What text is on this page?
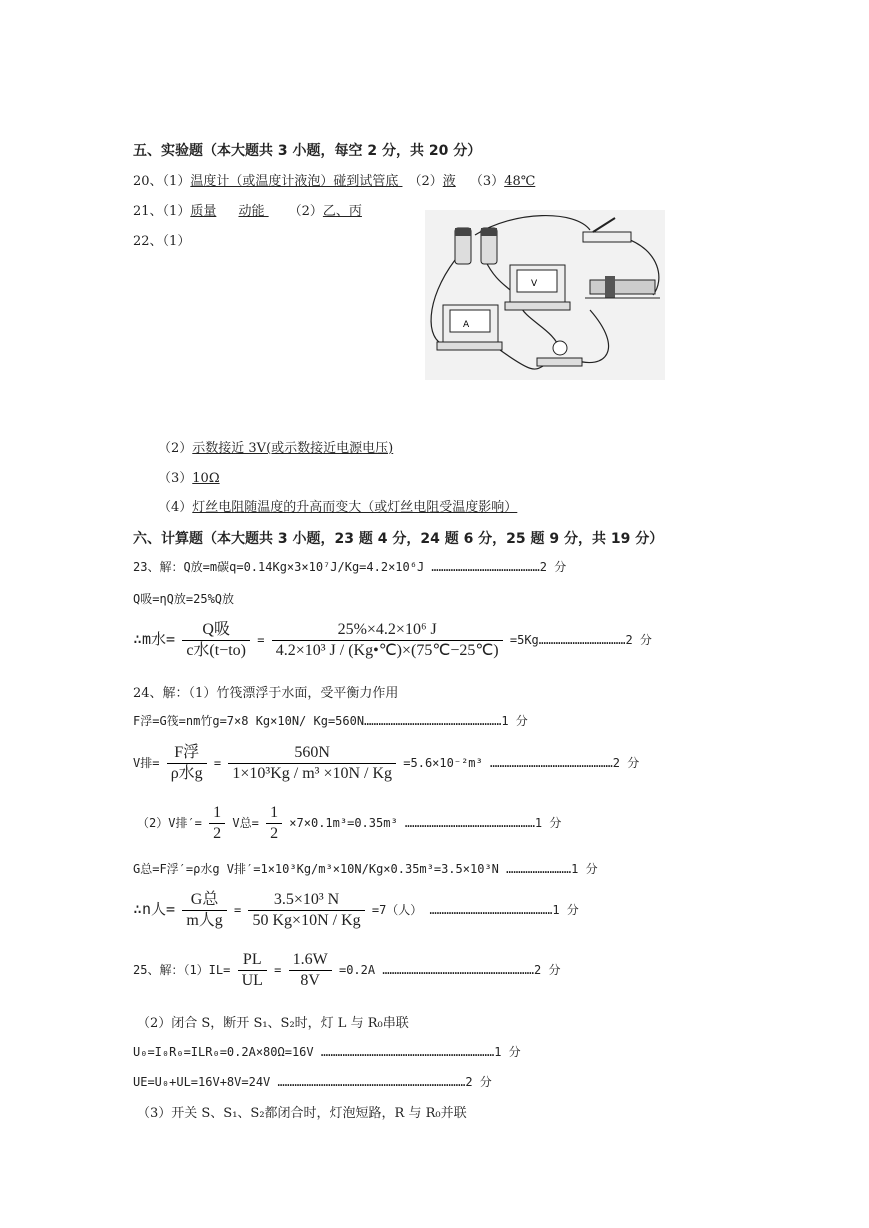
五、实验题（本大题共 3 小题，每空 2 分，共 20 分）
20、（1）温度计（或温度计液泡）碰到试管底 （2）液 （3）48℃
21、（1）质量 动能 （2）乙、丙
22、（1）
V
A
（2）示数接近 3V(或示数接近电源电压)
（3）10Ω
（4）灯丝电阻随温度的升高而变大（或灯丝电阻受温度影响）
六、计算题（本大题共 3 小题，23 题 4 分，24 题 6 分，25 题 9 分，共 19 分）
23、解：Q放=m碳q=0.14Kg×3×10⁷J/Kg=4.2×10⁶J ………………………………………2 分
Q吸=ηQ放=25%Q放
∴m水= $\frac{\text{Q吸}}{\text{c水(t−to)}} = \frac{\text{25\%×4.2×10⁶ J}}{\text{4.2×10³ J / (Kg•℃)×(75℃−25℃)}}$ =5Kg………………………………2 分
24、解：（1）竹筏漂浮于水面，受平衡力作用
F浮=G筏=nm竹g=7×8 Kg×10N/ Kg=560N…………………………………………………1 分
V排= $\frac{\text{F浮}}{\text{ρ水g}} = \frac{560N}{\text{1×10³Kg / m³ ×10N / Kg}} =5.6\times 10^{-2}m^3$ ……………………………………………2 分
（2）V排′= $\frac{1}{2}$ V总= $\frac{1}{2} \times 7\times 0.1m^3=0.35m^3$ ………………………………………………1 分
G总=F浮′=ρ水g V排′=1×10³Kg/m³×10N/Kg×0.35m³=3.5×10³N ………………………1 分
∴n人= $\frac{\text{G总}}{\text{m人g}} = \frac{\text{3.5×10³ N}}{50 Kg\times 10N / Kg} =7$（人） ……………………………………………1 分
25、解：$(1)IL= \frac{PL}{UL} = \frac{1.6W}{8V} =0.2A$ ………………………………………………………2 分
（2）闭合 S，断开 S₁、S₂时，灯 L 与 R₀串联
U₀=I₀R₀=ILR₀=0.2A×80Ω=16V ………………………………………………………………1 分
UE=U₀+UL=16V+8V=24V ……………………………………………………………………2 分
（3）开关 S、S₁、S₂都闭合时，灯泡短路，R 与 R₀并联
